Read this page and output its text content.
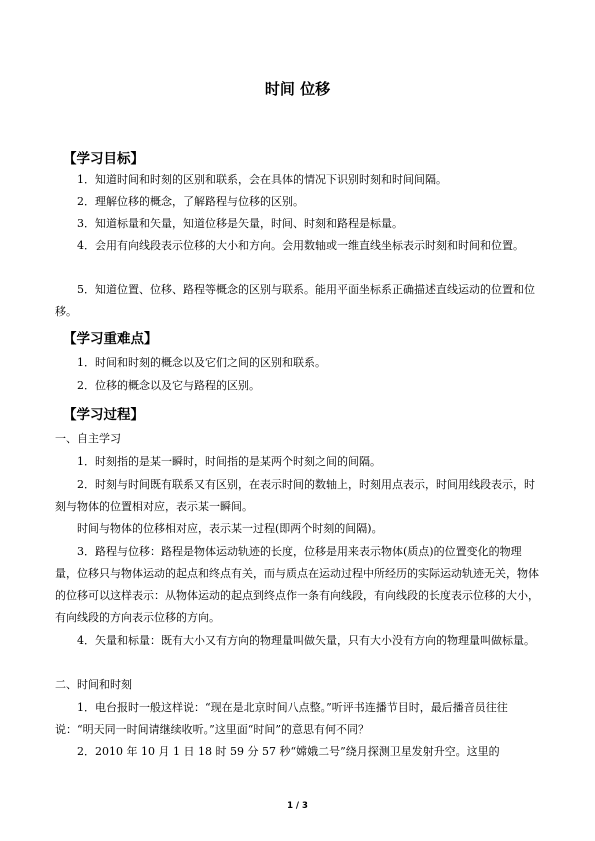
时间 位移
【学习目标】

1．知道时间和时刻的区别和联系，会在具体的情况下识别时刻和时间间隔。

2．理解位移的概念，了解路程与位移的区别。

3．知道标量和矢量，知道位移是矢量，时间、时刻和路程是标量。

4．会用有向线段表示位移的大小和方向。会用数轴或一维直线坐标表示时刻和时间和位置。

5．知道位置、位移、路程等概念的区别与联系。能用平面坐标系正确描述直线运动的位置和位移。

【学习重难点】

1．时间和时刻的概念以及它们之间的区别和联系。

2．位移的概念以及它与路程的区别。

【学习过程】

一、自主学习

1．时刻指的是某一瞬时，时间指的是某两个时刻之间的间隔。

2．时刻与时间既有联系又有区别，在表示时间的数轴上，时刻用点表示，时间用线段表示，时刻与物体的位置相对应，表示某一瞬间。

时间与物体的位移相对应，表示某一过程(即两个时刻的间隔)。

3．路程与位移：路程是物体运动轨迹的长度，位移是用来表示物体(质点)的位置变化的物理量，位移只与物体运动的起点和终点有关，而与质点在运动过程中所经历的实际运动轨迹无关，物体的位移可以这样表示：从物体运动的起点到终点作一条有向线段，有向线段的长度表示位移的大小，有向线段的方向表示位移的方向。

4．矢量和标量：既有大小又有方向的物理量叫做矢量，只有大小没有方向的物理量叫做标量。

二、时间和时刻

1．电台报时一般这样说：“现在是北京时间八点整。”听评书连播节目时，最后播音员往往说：“明天同一时间请继续收听。”这里面“时间”的意思有何不同？

2．2010 年 10 月 1 日 18 时 59 分 57 秒“嫦娥二号”绕月探测卫星发射升空。这里的

1 / 3
